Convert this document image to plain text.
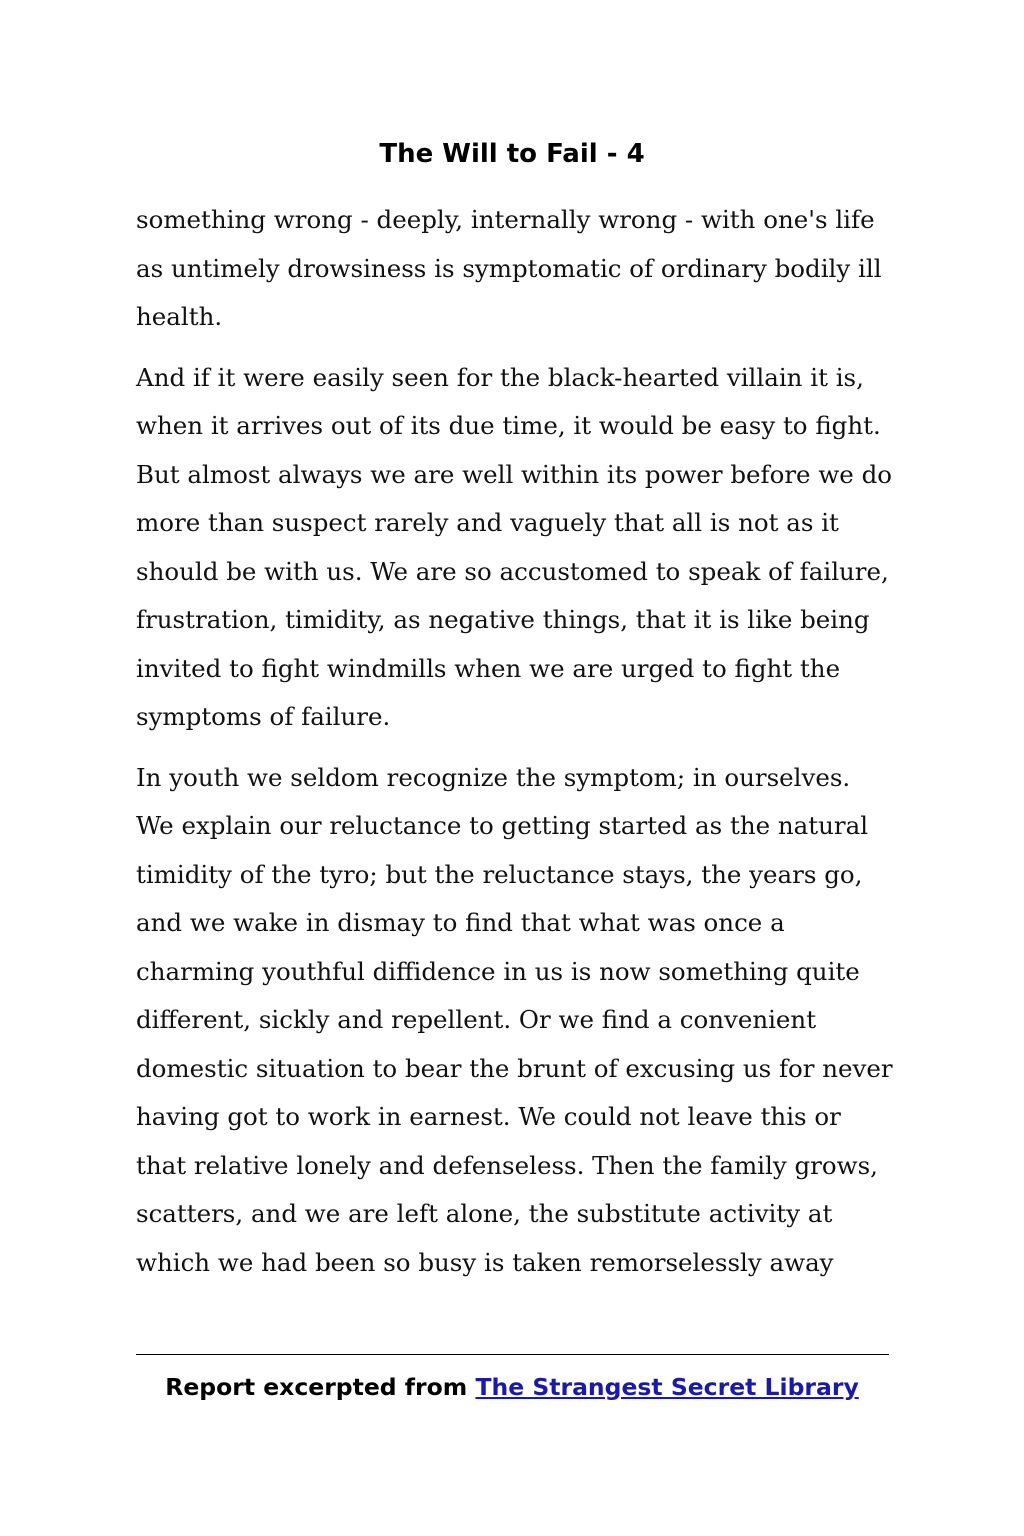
The Will to Fail - 4
something wrong - deeply, internally wrong - with one's life
as untimely drowsiness is symptomatic of ordinary bodily ill
health.
And if it were easily seen for the black-hearted villain it is,
when it arrives out of its due time, it would be easy to fight.
But almost always we are well within its power before we do
more than suspect rarely and vaguely that all is not as it
should be with us. We are so accustomed to speak of failure,
frustration, timidity, as negative things, that it is like being
invited to fight windmills when we are urged to fight the
symptoms of failure.
In youth we seldom recognize the symptom; in ourselves.
We explain our reluctance to getting started as the natural
timidity of the tyro; but the reluctance stays, the years go,
and we wake in dismay to find that what was once a
charming youthful diffidence in us is now something quite
different, sickly and repellent. Or we find a convenient
domestic situation to bear the brunt of excusing us for never
having got to work in earnest. We could not leave this or
that relative lonely and defenseless. Then the family grows,
scatters, and we are left alone, the substitute activity at
which we had been so busy is taken remorselessly away
Report excerpted from The Strangest Secret Library
